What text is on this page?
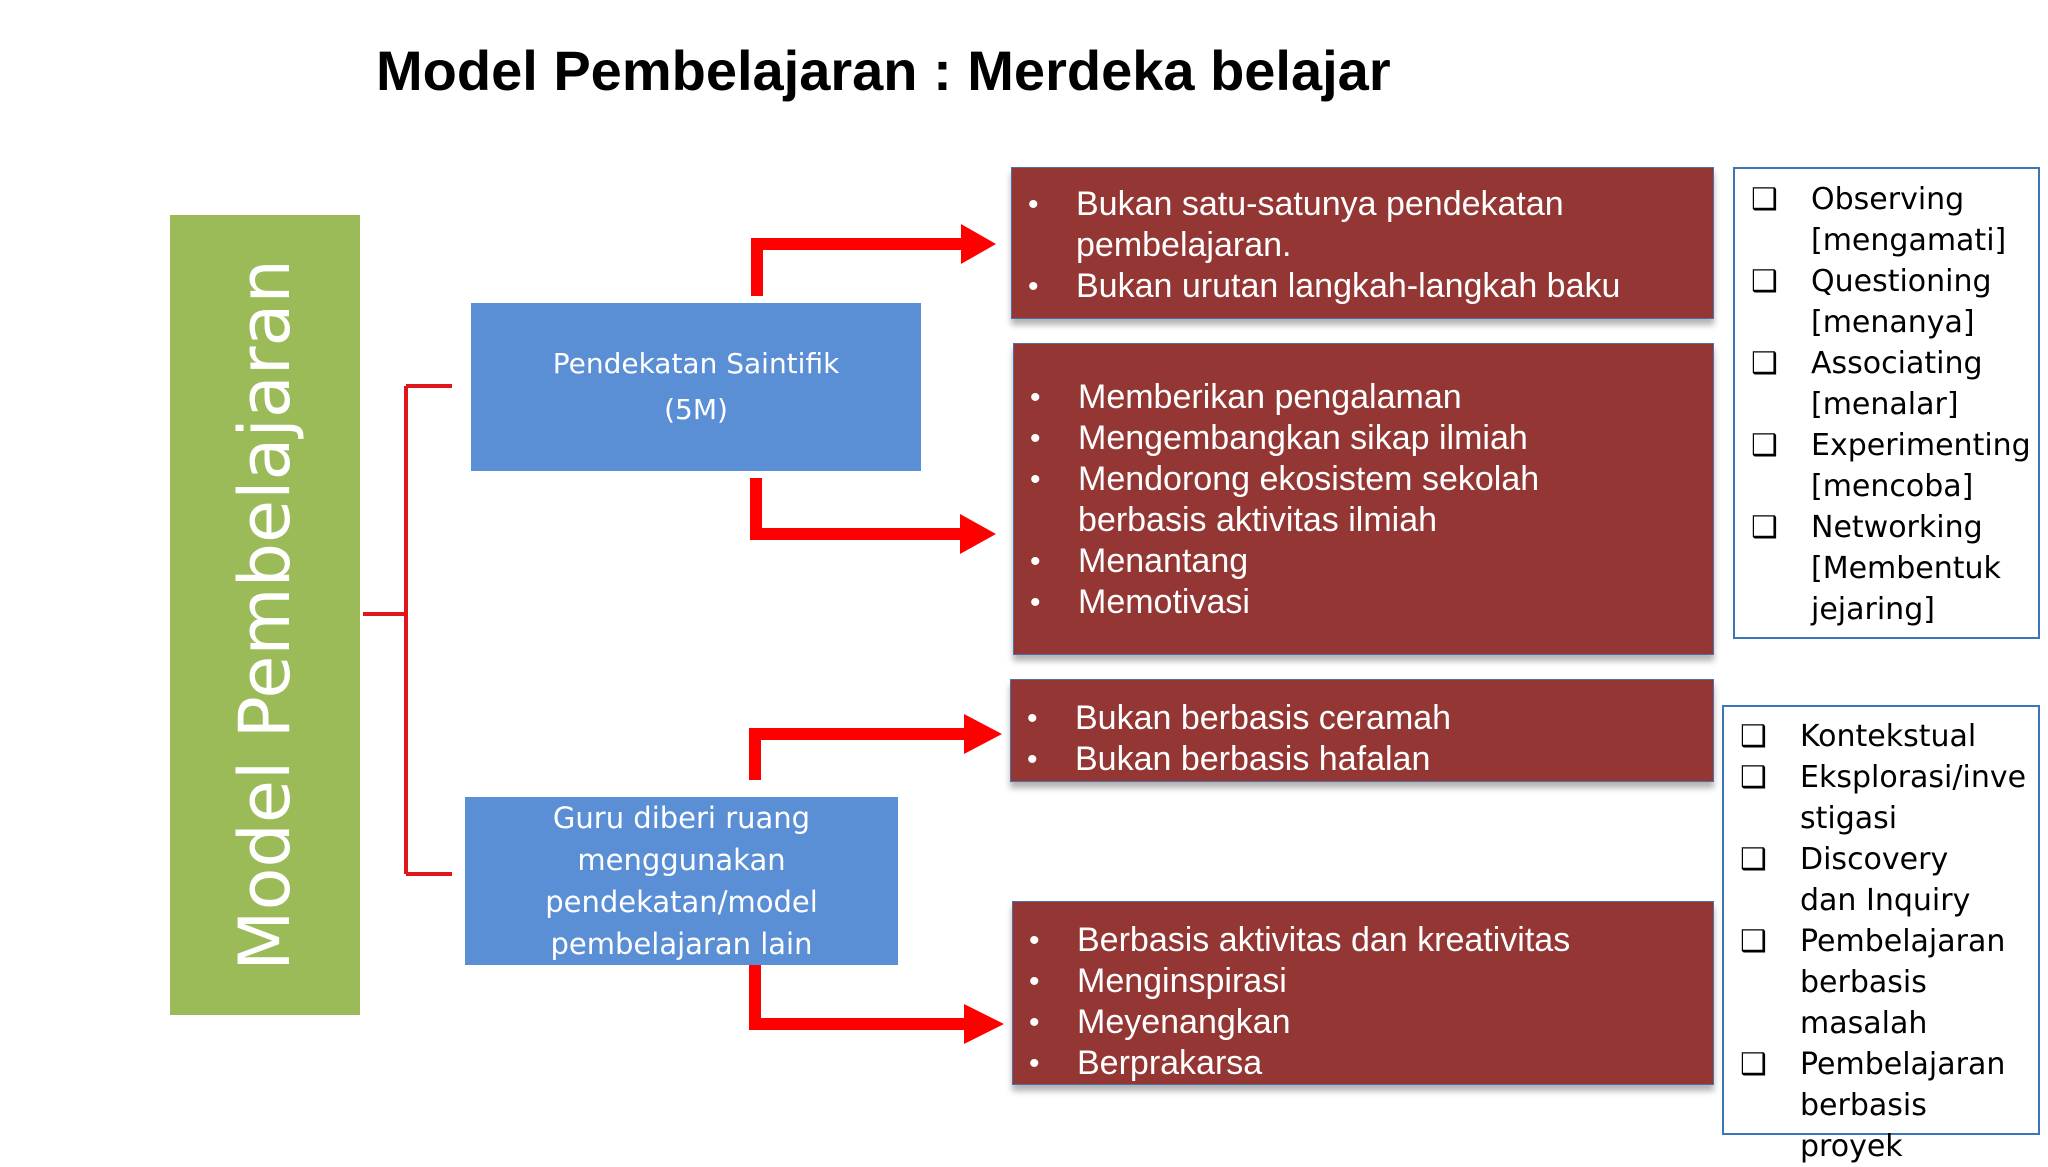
Model Pembelajaran : Merdeka belajar
Model Pembelajaran	Pendekatan Saintifik
(5M)
Guru diberi ruang
menggunakan
pendekatan/model
pembelajaran lain
• Bukan satu-satunya pendekatan pembelajaran.
• Bukan urutan langkah-langkah baku
• Memberikan pengalaman
• Mengembangkan sikap ilmiah
• Mendorong ekosistem sekolah berbasis aktivitas ilmiah
• Menantang
• Memotivasi
• Bukan berbasis ceramah
• Bukan berbasis hafalan
• Berbasis aktivitas dan kreativitas
• Menginspirasi
• Meyenangkan
• Berprakarsa
❑ Observing [mengamati]
❑ Questioning [menanya]
❑ Associating [menalar]
❑ Experimenting [mencoba]
❑ Networking [Membentuk jejaring]
❑ Kontekstual
❑ Eksplorasi/investigasi
❑ Discovery dan Inquiry
❑ Pembelajaran berbasis masalah
❑ Pembelajaran berbasis proyek
